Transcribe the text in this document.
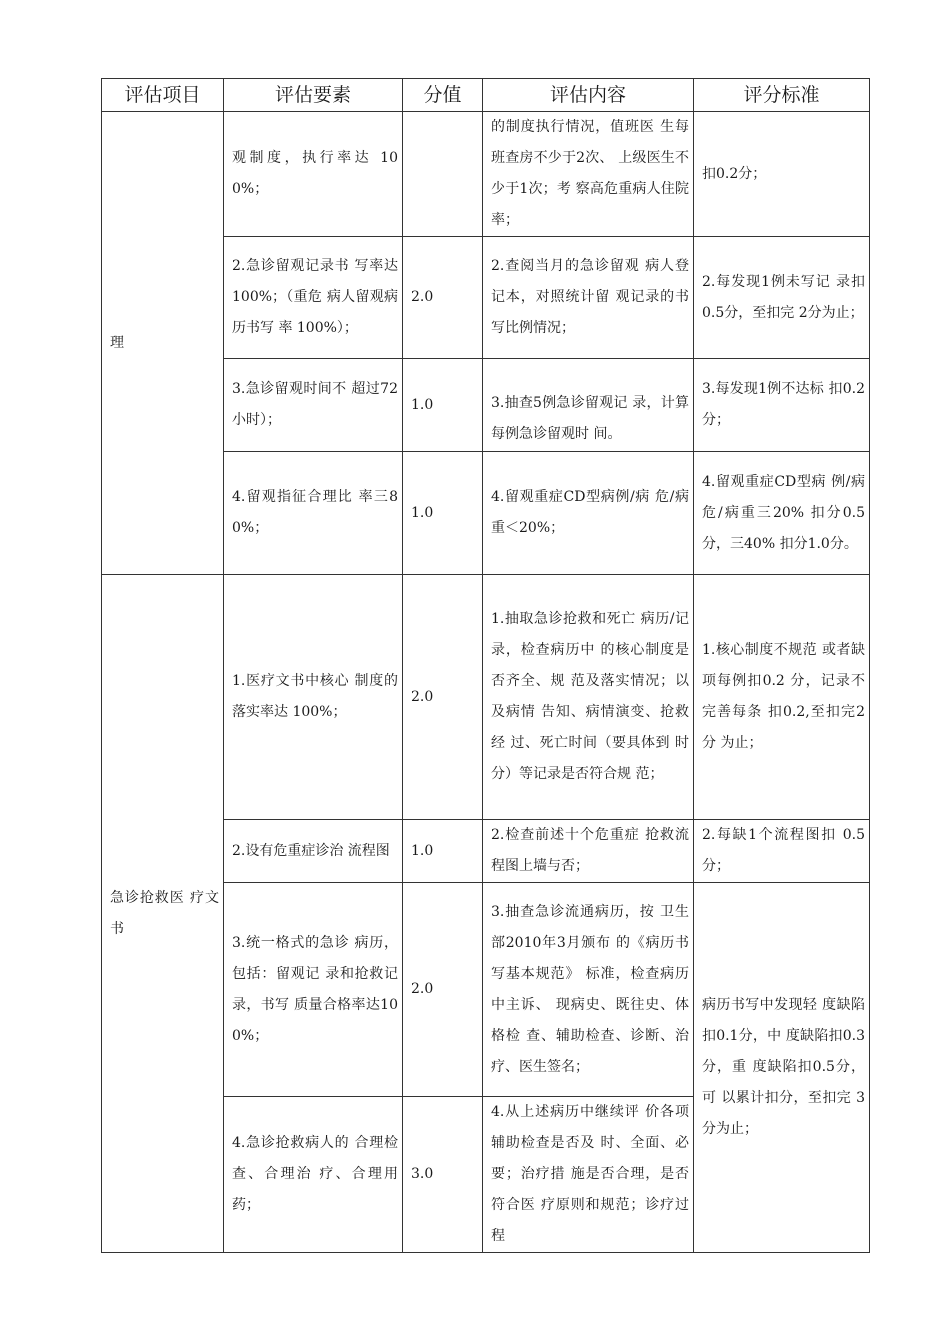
评估项目	评估要素	分值	评估内容	评分标准
理	观制度，执行率达 100%；		的制度执行情况，值班医 生每班查房不少于2次、 上级医生不少于1次；考 察高危重病人住院率；	扣0.2分；
	2.急诊留观记录书 写率达100%；（重危 病人留观病历书写 率 100%）；	2.0	2.查阅当月的急诊留观 病人登记本，对照统计留 观记录的书写比例情况；	2.每发现1例未写记 录扣0.5分，至扣完 2分为止；
	3.急诊留观时间不 超过72小时）；	1.0	3.抽查5例急诊留观记 录，计算每例急诊留观时 间。	3.每发现1例不达标 扣0.2分；
	4.留观指征合理比 率三80%；	1.0	4.留观重症CD型病例/病 危/病重＜20%；	4.留观重症CD型病 例/病危/病重三20% 扣分0.5分，三40% 扣分1.0分。
急诊抢救医 疗文书	1.医疗文书中核心 制度的落实率达 100%；	2.0	1.抽取急诊抢救和死亡 病历/记录，检查病历中 的核心制度是否齐全、规 范及落实情况；以及病情 告知、病情演变、抢救经 过、死亡时间（要具体到 时分）等记录是否符合规 范；	1.核心制度不规范 或者缺项每例扣0.2 分，记录不完善每条 扣0.2,至扣完2分 为止；
	2.设有危重症诊治 流程图	1.0	2.检查前述十个危重症 抢救流程图上墙与否；	2.每缺1个流程图扣 0.5 分；
	3.统一格式的急诊 病历，包括：留观记 录和抢救记录，书写 质量合格率达100%；	2.0	3.抽查急诊流通病历，按 卫生部2010年3月颁布 的《病历书写基本规范》 标准，检查病历中主诉、 现病史、既往史、体格检 查、辅助检查、诊断、治 疗、医生签名；	病历书写中发现轻 度缺陷扣0.1分，中 度缺陷扣0.3分，重 度缺陷扣0.5分，可 以累计扣分，至扣完 3分为止；
	4.急诊抢救病人的 合理检查、合理治 疗、合理用药；	3.0	4.从上述病历中继续评 价各项辅助检查是否及 时、全面、必要；治疗措 施是否合理，是否符合医 疗原则和规范；诊疗过程	
